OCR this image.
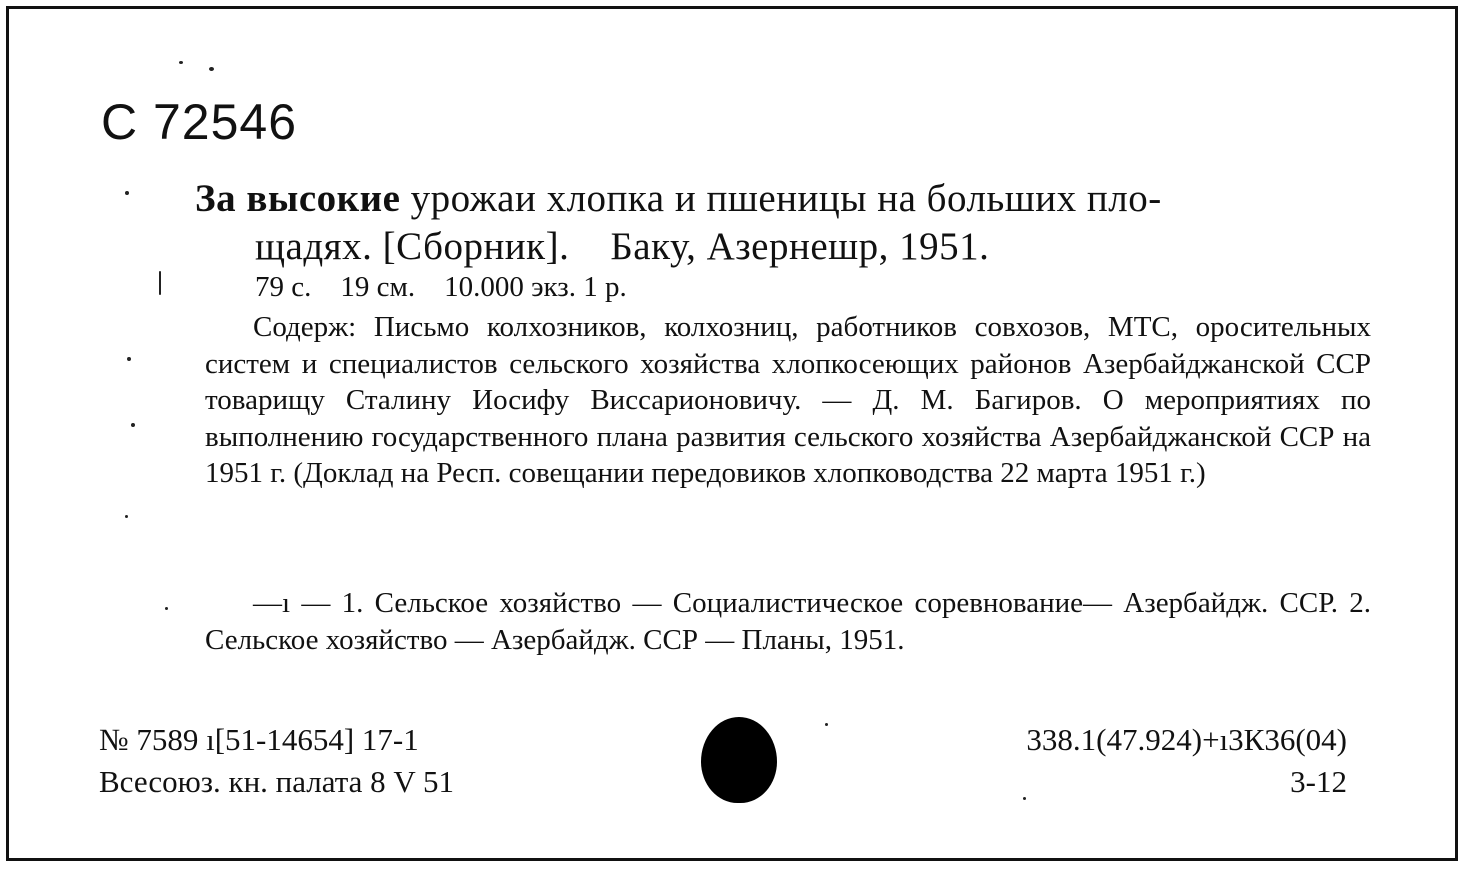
С 72546
За высокие урожаи хлопка и пшеницы на больших пло-
щадях. [Сборник].    Баку, Азернешр, 1951.
79 с.    19 см.    10.000 экз. 1 р.
Содерж: Письмо колхозников, колхозниц, работников совхозов, МТС, оросительных систем и специалистов сельского хозяйства хлопкосеющих районов Азербайджанской ССР товарищу Сталину Иосифу Виссарионовичу. — Д. М. Багиров. О мероприятиях по выполнению государственного плана развития сельского хозяйства Азербайджанской ССР на 1951 г. (Доклад на Респ. совещании передовиков хлопководства 22 марта 1951 г.)
—ı — 1. Сельское хозяйство — Социалистическое соревнование— Азербайдж. ССР. 2. Сельское хозяйство — Азербайдж. ССР — Планы, 1951.
№ 7589 ı[51-14654] 17-1
Всесоюз. кн. палата 8 V 51
338.1(47.924)+ı3К36(04)
3-12
